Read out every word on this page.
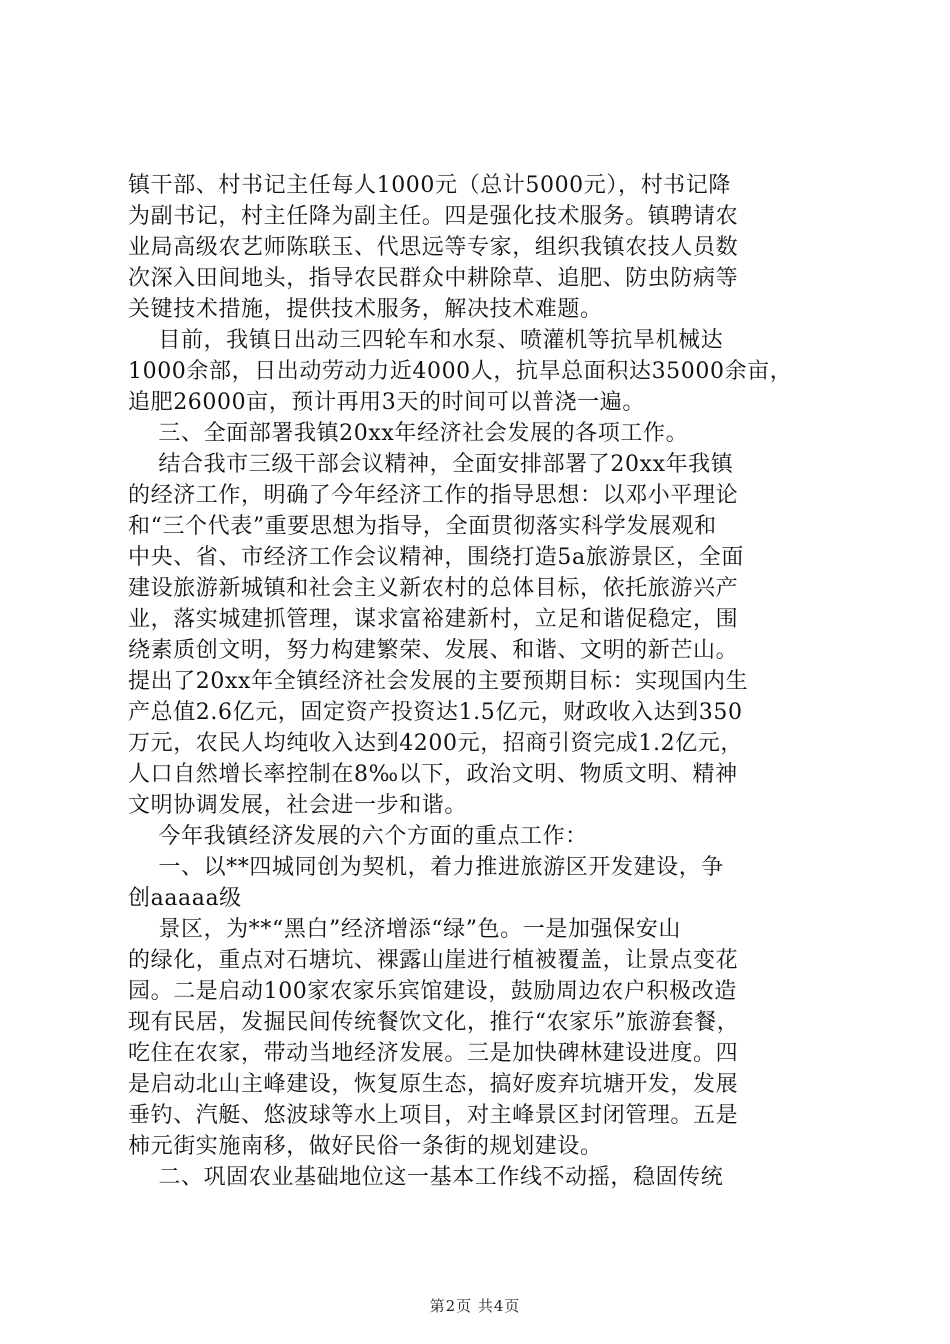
镇干部、村书记主任每人1000元（总计5000元），村书记降
为副书记，村主任降为副主任。四是强化技术服务。镇聘请农
业局高级农艺师陈联玉、代思远等专家，组织我镇农技人员数
次深入田间地头，指导农民群众中耕除草、追肥、防虫防病等
关键技术措施，提供技术服务，解决技术难题。
目前，我镇日出动三四轮车和水泵、喷灌机等抗旱机械达
1000余部，日出动劳动力近4000人，抗旱总面积达35000余亩，
追肥26000亩，预计再用3天的时间可以普浇一遍。
三、全面部署我镇20xx年经济社会发展的各项工作。
结合我市三级干部会议精神，全面安排部署了20xx年我镇
的经济工作，明确了今年经济工作的指导思想：以邓小平理论
和“三个代表”重要思想为指导，全面贯彻落实科学发展观和
中央、省、市经济工作会议精神，围绕打造5a旅游景区，全面
建设旅游新城镇和社会主义新农村的总体目标，依托旅游兴产
业，落实城建抓管理，谋求富裕建新村，立足和谐促稳定，围
绕素质创文明，努力构建繁荣、发展、和谐、文明的新芒山。
提出了20xx年全镇经济社会发展的主要预期目标：实现国内生
产总值2.6亿元，固定资产投资达1.5亿元，财政收入达到350
万元，农民人均纯收入达到4200元，招商引资完成1.2亿元，
人口自然增长率控制在8‰以下，政治文明、物质文明、精神
文明协调发展，社会进一步和谐。
今年我镇经济发展的六个方面的重点工作：
一、以**四城同创为契机，着力推进旅游区开发建设，争
创aaaaa级
景区，为**“黑白”经济增添“绿”色。一是加强保安山
的绿化，重点对石塘坑、裸露山崖进行植被覆盖，让景点变花
园。二是启动100家农家乐宾馆建设，鼓励周边农户积极改造
现有民居，发掘民间传统餐饮文化，推行“农家乐”旅游套餐，
吃住在农家，带动当地经济发展。三是加快碑林建设进度。四
是启动北山主峰建设，恢复原生态，搞好废弃坑塘开发，发展
垂钓、汽艇、悠波球等水上项目，对主峰景区封闭管理。五是
柿元街实施南移，做好民俗一条街的规划建设。
二、巩固农业基础地位这一基本工作线不动摇，稳固传统
第2页 共4页
